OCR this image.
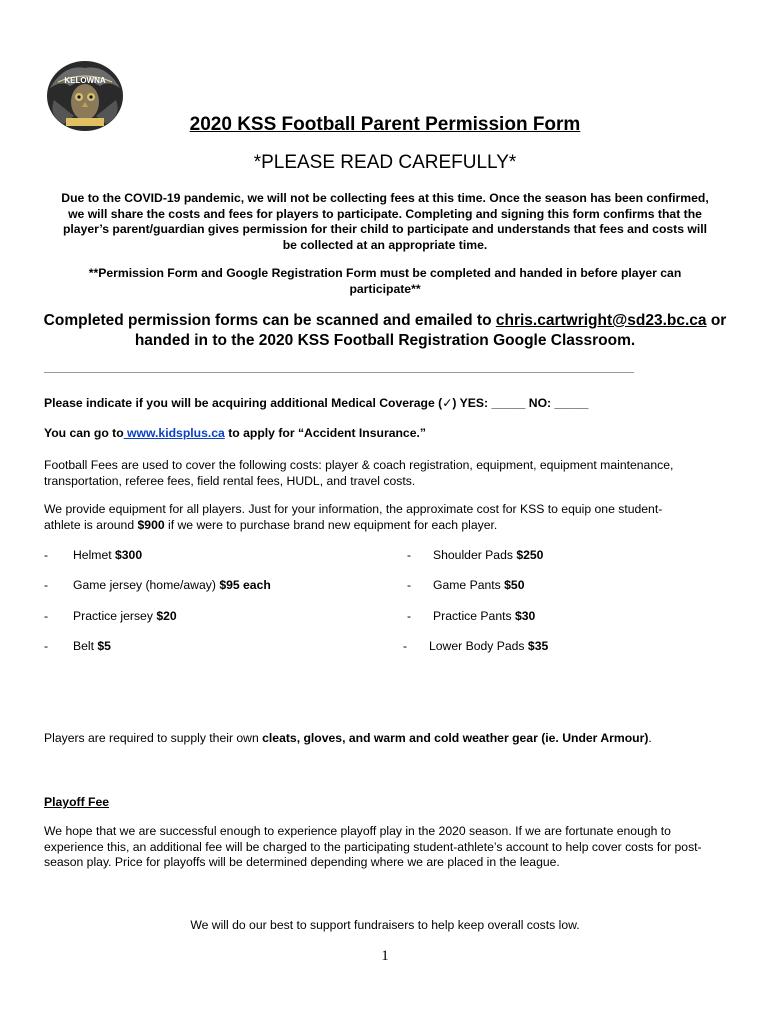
KELOWNA
2020 KSS Football Parent Permission Form
*PLEASE READ CAREFULLY*
Due to the COVID-19 pandemic, we will not be collecting fees at this time. Once the season has been confirmed,
we will share the costs and fees for players to participate. Completing and signing this form confirms that the
player’s parent/guardian gives permission for their child to participate and understands that fees and costs will
be collected at an appropriate time.
**Permission Form and Google Registration Form must be completed and handed in before player can
participate**
Completed permission forms can be scanned and emailed to chris.cartwright@sd23.bc.ca or
handed in to the 2020 KSS Football Registration Google Classroom.
Please indicate if you will be acquiring additional Medical Coverage (✓) YES: _____ NO: _____
You can go to www.kidsplus.ca to apply for “Accident Insurance.”
Football Fees are used to cover the following costs: player & coach registration, equipment, equipment maintenance,
transportation, referee fees, field rental fees, HUDL, and travel costs.
We provide equipment for all players. Just for your information, the approximate cost for KSS to equip one student-
athlete is around $900 if we were to purchase brand new equipment for each player.
- Helmet $300	- Shoulder Pads $250
- Game jersey (home/away) $95 each	- Game Pants $50
- Practice jersey $20	- Practice Pants $30
- Belt $5	- Lower Body Pads $35
Players are required to supply their own cleats, gloves, and warm and cold weather gear (ie. Under Armour).
Playoff Fee
We hope that we are successful enough to experience playoff play in the 2020 season. If we are fortunate enough to
experience this, an additional fee will be charged to the participating student-athlete’s account to help cover costs for post-
season play. Price for playoffs will be determined depending where we are placed in the league.
We will do our best to support fundraisers to help keep overall costs low.
1
